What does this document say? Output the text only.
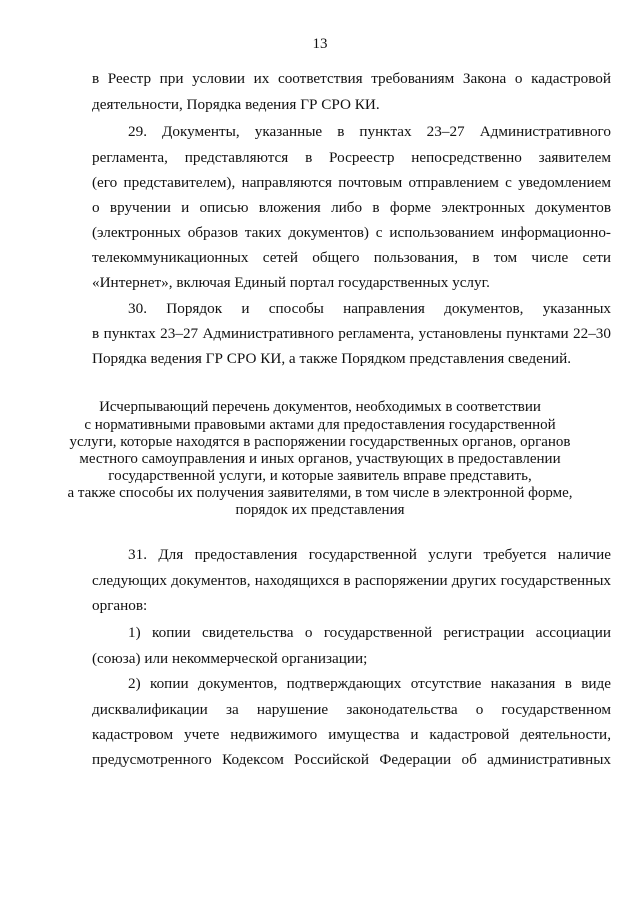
13
в Реестр при условии их соответствия требованиям Закона о кадастровой
деятельности, Порядка ведения ГР СРО КИ.
29. Документы, указанные в пунктах 23–27 Административного
регламента, представляются в Росреестр непосредственно заявителем
(его представителем), направляются почтовым отправлением с уведомлением
о вручении и описью вложения либо в форме электронных документов
(электронных образов таких документов) с использованием информационно-
телекоммуникационных сетей общего пользования, в том числе сети
«Интернет», включая Единый портал государственных услуг.
30. Порядок и способы направления документов, указанных
в пунктах 23–27 Административного регламента, установлены пунктами 22–30
Порядка ведения ГР СРО КИ, а также Порядком представления сведений.
Исчерпывающий перечень документов, необходимых в соответствии
с нормативными правовыми актами для предоставления государственной
услуги, которые находятся в распоряжении государственных органов, органов
местного самоуправления и иных органов, участвующих в предоставлении
государственной услуги, и которые заявитель вправе представить,
а также способы их получения заявителями, в том числе в электронной форме,
порядок их представления
31. Для предоставления государственной услуги требуется наличие
следующих документов, находящихся в распоряжении других государственных
органов:
1) копии свидетельства о государственной регистрации ассоциации
(союза) или некоммерческой организации;
2) копии документов, подтверждающих отсутствие наказания в виде
дисквалификации за нарушение законодательства о государственном
кадастровом учете недвижимого имущества и кадастровой деятельности,
предусмотренного Кодексом Российской Федерации об административных
